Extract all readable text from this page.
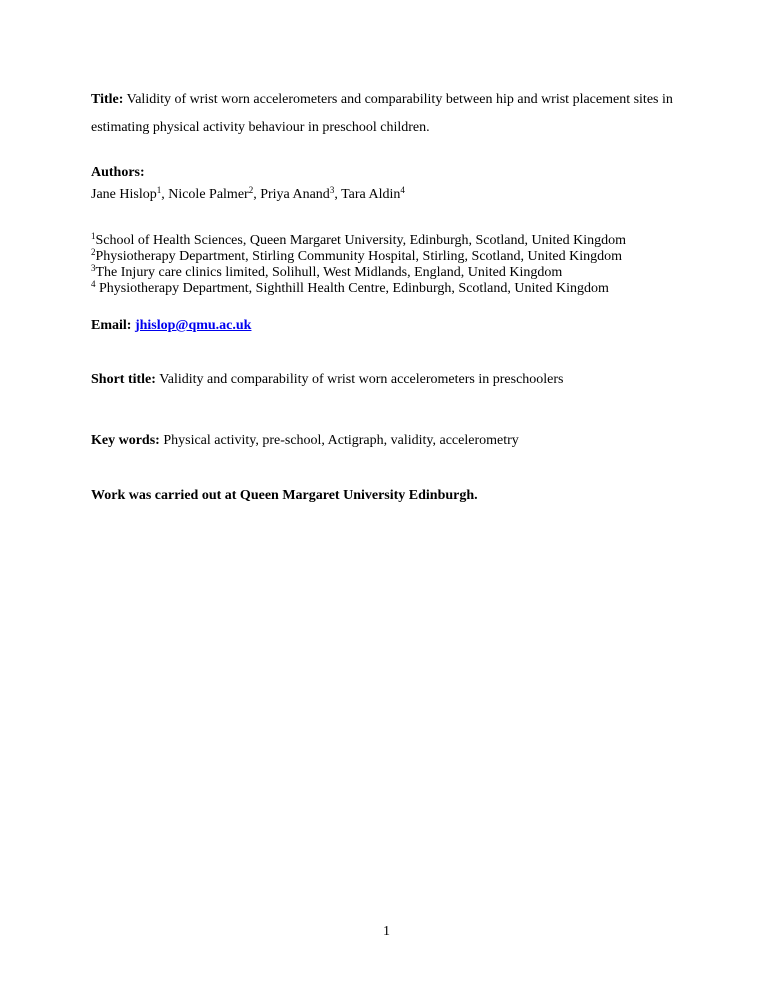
Title: Validity of wrist worn accelerometers and comparability between hip and wrist placement sites in estimating physical activity behaviour in preschool children.
Authors:
Jane Hislop$^1$, Nicole Palmer$^2$, Priya Anand$^3$, Tara Aldin$^4$
$^1$School of Health Sciences, Queen Margaret University, Edinburgh, Scotland, United Kingdom
$^2$Physiotherapy Department, Stirling Community Hospital, Stirling, Scotland, United Kingdom
$^3$The Injury care clinics limited, Solihull, West Midlands, England, United Kingdom
$^4$ Physiotherapy Department, Sighthill Health Centre, Edinburgh, Scotland, United Kingdom
Email: jhislop@qmu.ac.uk
Short title: Validity and comparability of wrist worn accelerometers in preschoolers
Key words: Physical activity, pre-school, Actigraph, validity, accelerometry
Work was carried out at Queen Margaret University Edinburgh.
1
